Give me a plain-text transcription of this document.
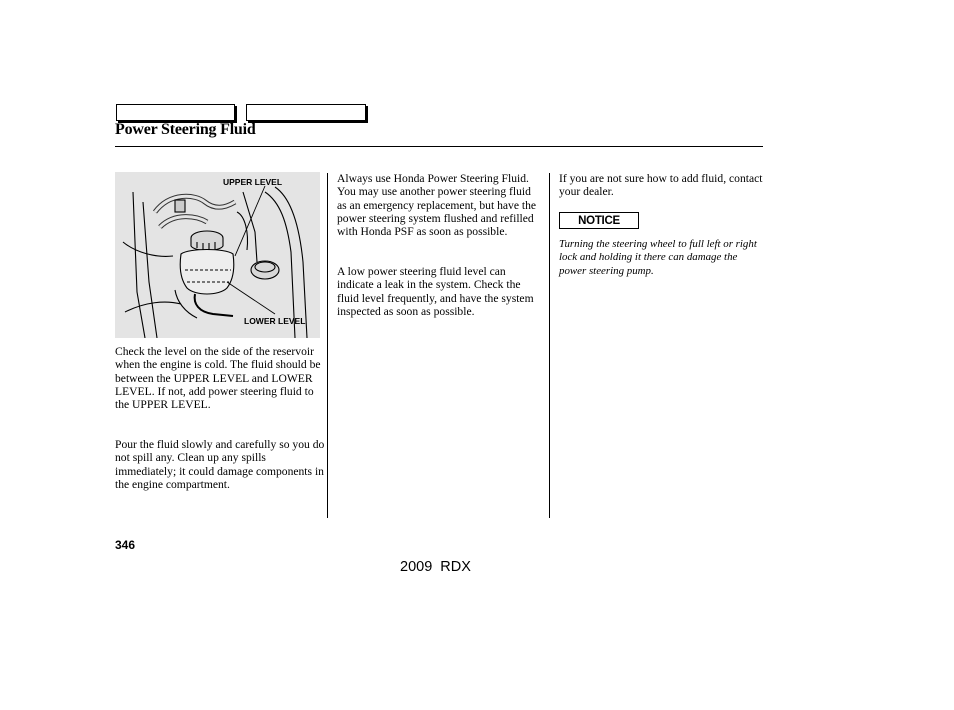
Power Steering Fluid
UPPER LEVEL
LOWER LEVEL

Check the level on the side of the reservoir when the engine is cold. The fluid should be between the UPPER LEVEL and LOWER LEVEL. If not, add power steering fluid to the UPPER LEVEL.

Pour the fluid slowly and carefully so you do not spill any. Clean up any spills immediately; it could damage components in the engine compartment.

Always use Honda Power Steering Fluid. You may use another power steering fluid as an emergency replacement, but have the power steering system flushed and refilled with Honda PSF as soon as possible.

A low power steering fluid level can indicate a leak in the system. Check the fluid level frequently, and have the system inspected as soon as possible.

If you are not sure how to add fluid, contact your dealer.

NOTICE

Turning the steering wheel to full left or right lock and holding it there can damage the power steering pump.

346
2009 RDX
